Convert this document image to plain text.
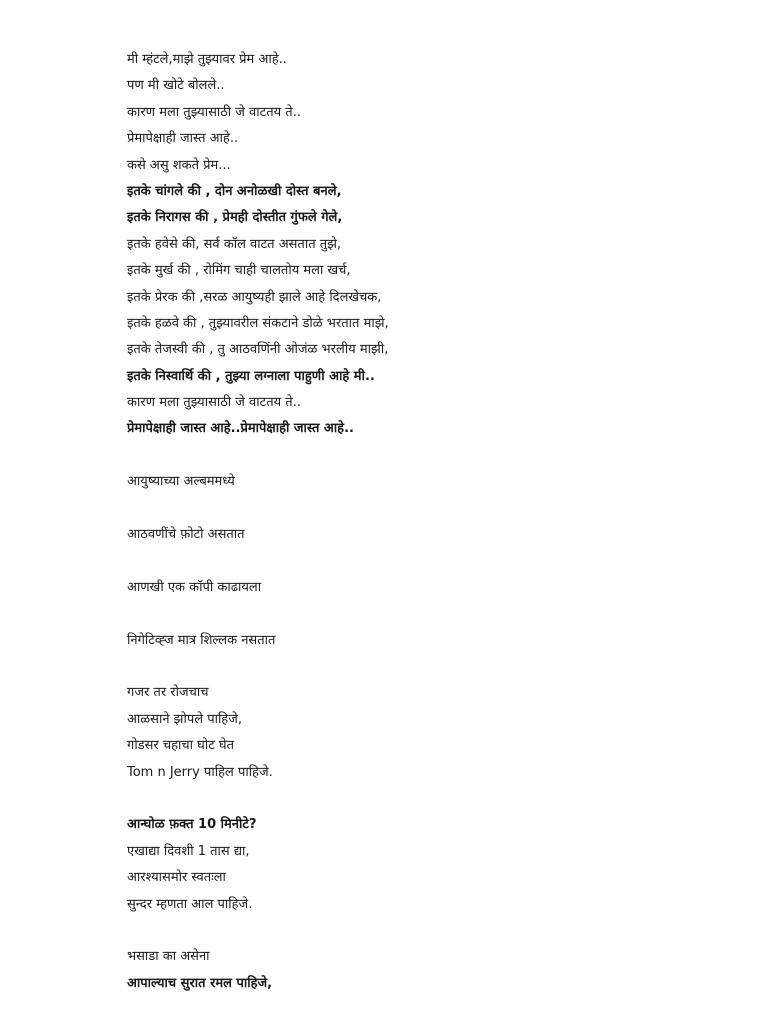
मी म्हंटले,माझे तुझ्यावर प्रेम आहे..
पण मी खोटे बोलले..
कारण मला तुझ्यासाठी जे वाटतय ते..
प्रेमापेक्षाही जास्त आहे..
कसे असु शकते प्रेम...
इतके चांगले की , दोन अनोळखी दोस्त बनले,
इतके निरागस की , प्रेमही दोस्तीत गुंफले गेले,
इतके हवेसे की, सर्व कॉल वाटत असतात तुझे,
इतके मुर्ख की , रोमिंग चाही चालतोय मला खर्च,
इतके प्रेरक की ,सरळ आयुष्यही झाले आहे दिलखेचक,
इतके हळवे की , तुझ्यावरील संकटाने डोळे भरतात माझे,
इतके तेजस्वी की , तु आठवणिंनी ओजंळ भरलीय माझी,
इतके निस्वार्थि की , तुझ्या लग्नाला पाहुणी आहे मी..
कारण मला तुझ्यासाठी जे वाटतय ते..
प्रेमापेक्षाही जास्त आहे..प्रेमापेक्षाही जास्त आहे..
आयुष्याच्या अल्बममध्ये
आठवणींचे फ़ोटो असतात
आणखी एक कॉपी काढायला
निगेटिव्ह्ज मात्र शिल्लक नसतात
गजर तर रोजचाच
आळसाने झोपले पाहिजे,
गोडसर चहाचा घोट घेत
Tom n Jerry पाहिल पाहिजे.
आन्घोळ फ़क्त 10 मिनीटे?
एखाद्या दिवशी 1 तास द्या,
आरश्यासमोर स्वतःला
सुन्दर म्हणता आल पाहिजे.
भसाडा का असेना
आपाल्याच सुरात रमल पाहिजे,
